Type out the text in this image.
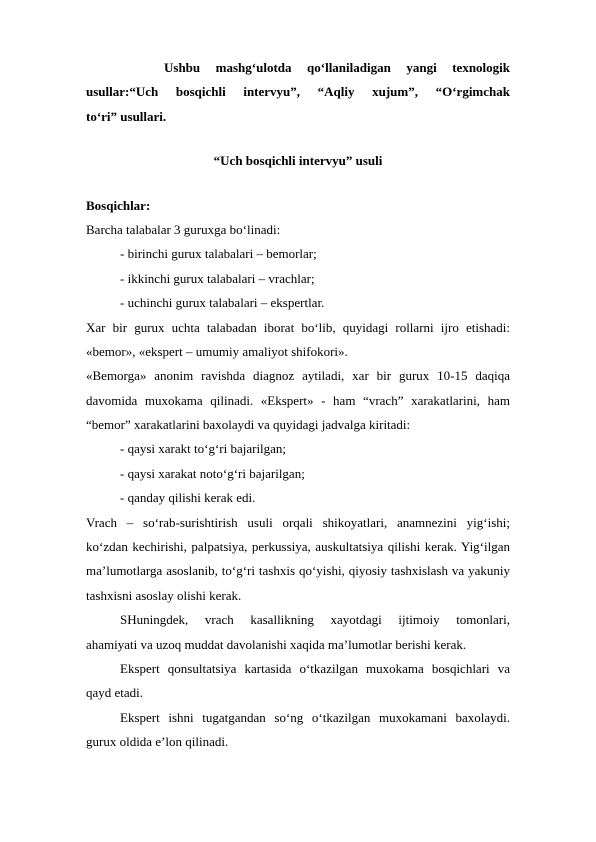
Ushbu mashg‘ulotda qo‘llaniladigan yangi texnologik
usullar:“Uch bosqichli intervyu”, “Aqliy xujum”, “O‘rgimchak
to‘ri” usullari.
“Uch bosqichli intervyu” usuli
Bosqichlar:
Barcha talabalar 3 guruxga bo‘linadi:
- birinchi gurux talabalari – bemorlar;
- ikkinchi gurux talabalari – vrachlar;
- uchinchi gurux talabalari – ekspertlar.
Xar bir gurux uchta talabadan iborat bo‘lib, quyidagi rollarni ijro etishadi:
«bemor», «ekspert – umumiy amaliyot shifokori».
«Bemorga» anonim ravishda diagnoz aytiladi, xar bir gurux 10-15 daqiqa
davomida muxokama qilinadi. «Ekspert» - ham “vrach” xarakatlarini, ham
“bemor” xarakatlarini baxolaydi va quyidagi jadvalga kiritadi:
- qaysi xarakt to‘g‘ri bajarilgan;
- qaysi xarakat noto‘g‘ri bajarilgan;
- qanday qilishi kerak edi.
Vrach – so‘rab-surishtirish usuli orqali shikoyatlari, anamnezini yig‘ishi;
ko‘zdan kechirishi, palpatsiya, perkussiya, auskultatsiya qilishi kerak. Yig‘ilgan
ma’lumotlarga asoslanib, to‘g‘ri tashxis qo‘yishi, qiyosiy tashxislash va yakuniy
tashxisni asoslay olishi kerak.
SHuningdek, vrach kasallikning xayotdagi ijtimoiy tomonlari,
ahamiyati va uzoq muddat davolanishi xaqida ma’lumotlar berishi kerak.
Ekspert qonsultatsiya kartasida o‘tkazilgan muxokama bosqichlari va
qayd etadi.
Ekspert ishni tugatgandan so‘ng o‘tkazilgan muxokamani baxolaydi.
gurux oldida e’lon qilinadi.
